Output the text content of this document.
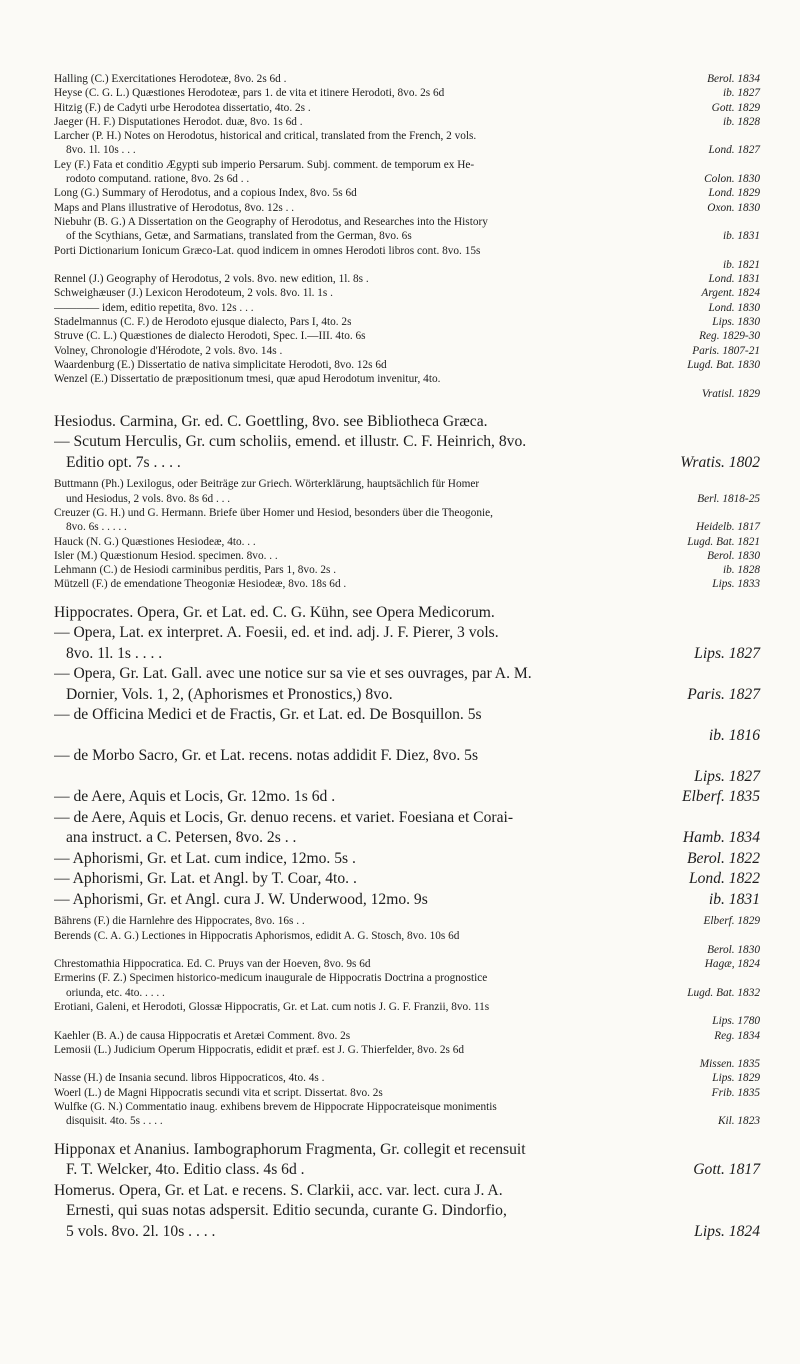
Halling (C.) Exercitationes Herodoteæ, 8vo. 2s 6d .	Berol. 1834
Heyse (C. G. L.) Quæstiones Herodoteæ, pars 1. de vita et itinere Herodoti, 8vo. 2s 6d	ib. 1827
Hitzig (F.) de Cadyti urbe Herodotea dissertatio, 4to. 2s .	Gott. 1829
Jaeger (H. F.) Disputationes Herodot. duæ, 8vo. 1s 6d .	ib. 1828
Larcher (P. H.) Notes on Herodotus, historical and critical, translated from the French, 2 vols.
8vo. 1l. 10s . . .	Lond. 1827
Ley (F.) Fata et conditio Ægypti sub imperio Persarum. Subj. comment. de temporum ex He-
rodoto computand. ratione, 8vo. 2s 6d . .	Colon. 1830
Long (G.) Summary of Herodotus, and a copious Index, 8vo. 5s 6d	Lond. 1829
Maps and Plans illustrative of Herodotus, 8vo. 12s . .	Oxon. 1830
Niebuhr (B. G.) A Dissertation on the Geography of Herodotus, and Researches into the History
of the Scythians, Getæ, and Sarmatians, translated from the German, 8vo. 6s	ib. 1831
Porti Dictionarium Ionicum Græco-Lat. quod indicem in omnes Herodoti libros cont. 8vo. 15s
ib. 1821
Rennel (J.) Geography of Herodotus, 2 vols. 8vo. new edition, 1l. 8s .	Lond. 1831
Schweighæuser (J.) Lexicon Herodoteum, 2 vols. 8vo. 1l. 1s .	Argent. 1824
———— idem, editio repetita, 8vo. 12s . . .	Lond. 1830
Stadelmannus (C. F.) de Herodoto ejusque dialecto, Pars I, 4to. 2s	Lips. 1830
Struve (C. L.) Quæstiones de dialecto Herodoti, Spec. I.—III. 4to. 6s	Reg. 1829-30
Volney, Chronologie d'Hérodote, 2 vols. 8vo. 14s .	Paris. 1807-21
Waardenburg (E.) Dissertatio de nativa simplicitate Herodoti, 8vo. 12s 6d	Lugd. Bat. 1830
Wenzel (E.) Dissertatio de præpositionum tmesi, quæ apud Herodotum invenitur, 4to.
Vratisl. 1829
Hesiodus. Carmina, Gr. ed. C. Goettling, 8vo. see Bibliotheca Græca.
— Scutum Herculis, Gr. cum scholiis, emend. et illustr. C. F. Heinrich, 8vo.
Editio opt. 7s . . . .	Wratis. 1802
Buttmann (Ph.) Lexilogus, oder Beiträge zur Griech. Wörterklärung, hauptsächlich für Homer
und Hesiodus, 2 vols. 8vo. 8s 6d . . .	Berl. 1818-25
Creuzer (G. H.) und G. Hermann. Briefe über Homer und Hesiod, besonders über die Theogonie,
8vo. 6s . . . . .	Heidelb. 1817
Hauck (N. G.) Quæstiones Hesiodeæ, 4to. . .	Lugd. Bat. 1821
Isler (M.) Quæstionum Hesiod. specimen. 8vo. . .	Berol. 1830
Lehmann (C.) de Hesiodi carminibus perditis, Pars 1, 8vo. 2s .	ib. 1828
Mützell (F.) de emendatione Theogoniæ Hesiodeæ, 8vo. 18s 6d .	Lips. 1833
Hippocrates. Opera, Gr. et Lat. ed. C. G. Kühn, see Opera Medicorum.
— Opera, Lat. ex interpret. A. Foesii, ed. et ind. adj. J. F. Pierer, 3 vols.
8vo. 1l. 1s . . . .	Lips. 1827
— Opera, Gr. Lat. Gall. avec une notice sur sa vie et ses ouvrages, par A. M.
Dornier, Vols. 1, 2, (Aphorismes et Pronostics,) 8vo.	Paris. 1827
— de Officina Medici et de Fractis, Gr. et Lat. ed. De Bosquillon. 5s
ib. 1816
— de Morbo Sacro, Gr. et Lat. recens. notas addidit F. Diez, 8vo. 5s
Lips. 1827
— de Aere, Aquis et Locis, Gr. 12mo. 1s 6d .	Elberf. 1835
— de Aere, Aquis et Locis, Gr. denuo recens. et variet. Foesiana et Corai-
ana instruct. a C. Petersen, 8vo. 2s . .	Hamb. 1834
— Aphorismi, Gr. et Lat. cum indice, 12mo. 5s .	Berol. 1822
— Aphorismi, Gr. Lat. et Angl. by T. Coar, 4to. .	Lond. 1822
— Aphorismi, Gr. et Angl. cura J. W. Underwood, 12mo. 9s	ib. 1831
Bährens (F.) die Harnlehre des Hippocrates, 8vo. 16s . .	Elberf. 1829
Berends (C. A. G.) Lectiones in Hippocratis Aphorismos, edidit A. G. Stosch, 8vo. 10s 6d
Berol. 1830
Chrestomathia Hippocratica. Ed. C. Pruys van der Hoeven, 8vo. 9s 6d	Hagæ, 1824
Ermerins (F. Z.) Specimen historico-medicum inaugurale de Hippocratis Doctrina a prognostice
oriunda, etc. 4to. . . . .	Lugd. Bat. 1832
Erotiani, Galeni, et Herodoti, Glossæ Hippocratis, Gr. et Lat. cum notis J. G. F. Franzii, 8vo. 11s
Lips. 1780
Kaehler (B. A.) de causa Hippocratis et Aretæi Comment. 8vo. 2s	Reg. 1834
Lemosii (L.) Judicium Operum Hippocratis, edidit et præf. est J. G. Thierfelder, 8vo. 2s 6d
Missen. 1835
Nasse (H.) de Insania secund. libros Hippocraticos, 4to. 4s .	Lips. 1829
Woerl (L.) de Magni Hippocratis secundi vita et script. Dissertat. 8vo. 2s	Frib. 1835
Wulfke (G. N.) Commentatio inaug. exhibens brevem de Hippocrate Hippocrateisque monimentis
disquisit. 4to. 5s . . . .	Kil. 1823
Hipponax et Ananius. Iambographorum Fragmenta, Gr. collegit et recensuit
F. T. Welcker, 4to. Editio class. 4s 6d .	Gott. 1817
Homerus. Opera, Gr. et Lat. e recens. S. Clarkii, acc. var. lect. cura J. A.
Ernesti, qui suas notas adspersit. Editio secunda, curante G. Dindorfio,
5 vols. 8vo. 2l. 10s . . . .	Lips. 1824
